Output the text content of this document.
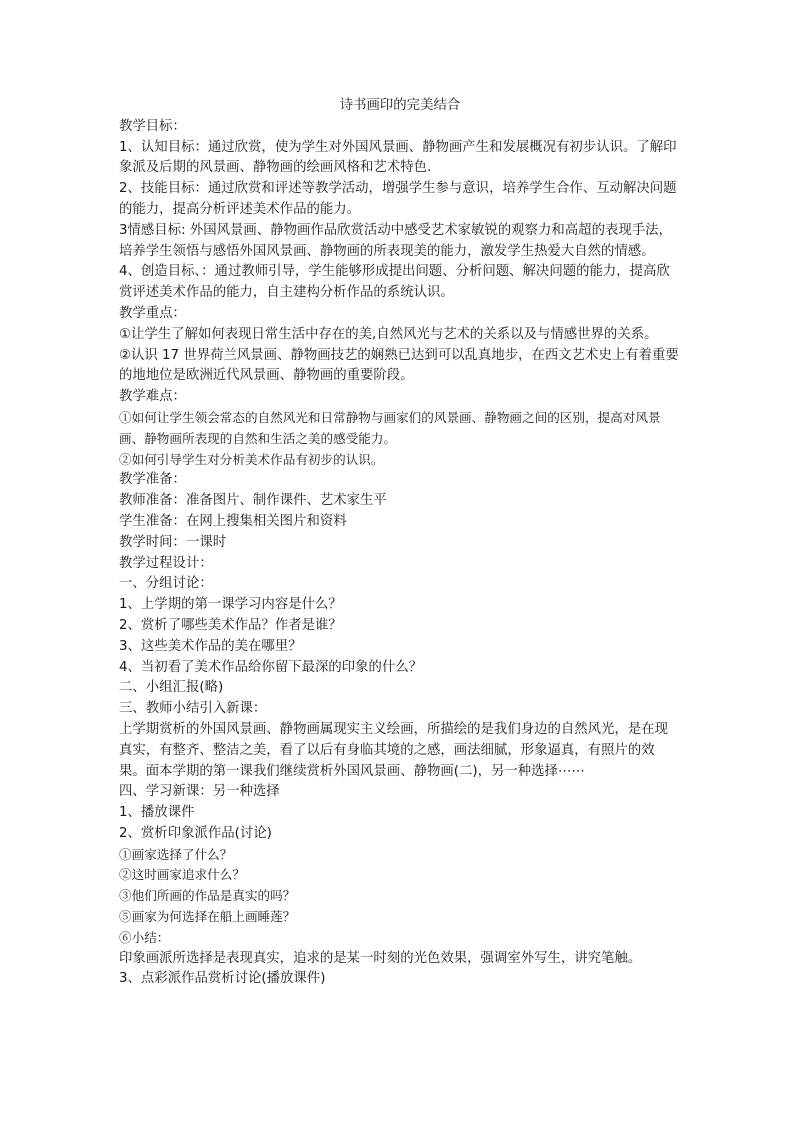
诗书画印的完美结合

教学目标：

1、认知目标：通过欣赏，使为学生对外国风景画、静物画产生和发展概况有初步认识。了解印象派及后期的风景画、静物画的绘画风格和艺术特色.

2、技能目标：通过欣赏和评述等教学活动，增强学生参与意识，培养学生合作、互动解决问题的能力，提高分析评述美术作品的能力。

3情感目标: 外国风景画、静物画作品欣赏活动中感受艺术家敏锐的观察力和高超的表现手法，培养学生领悟与感悟外国风景画、静物画的所表现美的能力，激发学生热爱大自然的情感。

4、创造目标、：通过教师引导，学生能够形成提出问题、分析问题、解决问题的能力，提高欣赏评述美术作品的能力，自主建构分析作品的系统认识。

教学重点：

①让学生了解如何表现日常生活中存在的美,自然风光与艺术的关系以及与情感世界的关系。

②认识 17 世界荷兰风景画、静物画技艺的娴熟已达到可以乱真地步，在西文艺术史上有着重要的地地位是欧洲近代风景画、静物画的重要阶段。

教学难点：

①如何让学生领会常态的自然风光和日常静物与画家们的风景画、静物画之间的区别，提高对风景画、静物画所表现的自然和生活之美的感受能力。

②如何引导学生对分析美术作品有初步的认识。

教学准备：

教师准备：准备图片、制作课件、艺术家生平

学生准备：在网上搜集相关图片和资料

教学时间：一课时

教学过程设计：

一、分组讨论：

1、上学期的第一课学习内容是什么？

2、赏析了哪些美术作品？作者是谁？

3、这些美术作品的美在哪里？

4、当初看了美术作品给你留下最深的印象的什么？

二、小组汇报(略)

三、教师小结引入新课：

上学期赏析的外国风景画、静物画属现实主义绘画，所描绘的是我们身边的自然风光，是在现真实，有整齐、整洁之美，看了以后有身临其境的之感，画法细腻，形象逼真，有照片的效果。面本学期的第一课我们继续赏析外国风景画、静物画(二)，另一种选择⋯⋯

四、学习新课：另一种选择

1、播放课件

2、赏析印象派作品(讨论)

①画家选择了什么？

②这时画家追求什么？

③他们所画的作品是真实的吗？

⑤画家为何选择在船上画睡莲？

⑥小结：

印象画派所选择是表现真实，追求的是某一时刻的光色效果，强调室外写生，讲究笔触。

3、点彩派作品赏析讨论(播放课件)
